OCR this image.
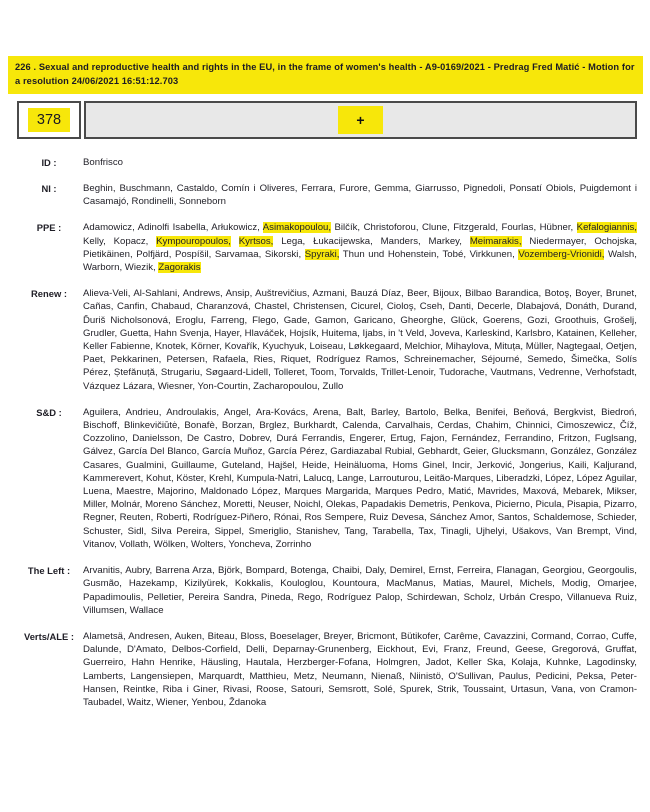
226 . Sexual and reproductive health and rights in the EU, in the frame of women's health - A9-0169/2021 - Predrag Fred Matić - Motion for a resolution 24/06/2021 16:51:12.703
378	+
ID :	Bonfrisco
NI :	Beghin, Buschmann, Castaldo, Comín i Oliveres, Ferrara, Furore, Gemma, Giarrusso, Pignedoli, Ponsatí Obiols, Puigdemont i Casamajó, Rondinelli, Sonneborn
PPE :	Adamowicz, Adinolfi Isabella, Arłukowicz, Asimakopoulou, Bilčík, Christoforou, Clune, Fitzgerald, Fourlas, Hübner, Kefalogiannis, Kelly, Kopacz, Kympouropoulos, Kyrtsos, Lega, Łukacijewska, Manders, Markey, Meimarakis, Niedermayer, Ochojska, Pietikäinen, Polfjärd, Pospíšil, Sarvamaa, Sikorski, Spyraki, Thun und Hohenstein, Tobé, Virkkunen, Vozemberg-Vrionidi, Walsh, Warborn, Wiezik, Zagorakis
Renew :	Alieva-Veli, Al-Sahlani, Andrews, Ansip, Auštrevičius, Azmani, Bauzá Díaz, Beer, Bijoux, Bilbao Barandica, Botoş, Boyer, Brunet, Cañas, Canfin, Chabaud, Charanzová, Chastel, Christensen, Cicurel, Cioloş, Cseh, Danti, Decerle, Dlabajová, Donáth, Durand, Ďuriš Nicholsonová, Eroglu, Farreng, Flego, Gade, Gamon, Garicano, Gheorghe, Glück, Goerens, Gozi, Groothuis, Grošelj, Grudler, Guetta, Hahn Svenja, Hayer, Hlaváček, Hojsík, Huitema, Ijabs, in 't Veld, Joveva, Karleskind, Karlsbro, Katainen, Kelleher, Keller Fabienne, Knotek, Körner, Kovařík, Kyuchyuk, Loiseau, Løkkegaard, Melchior, Mihaylova, Mituța, Müller, Nagtegaal, Oetjen, Paet, Pekkarinen, Petersen, Rafaela, Ries, Riquet, Rodríguez Ramos, Schreinemacher, Séjourné, Semedo, Šimečka, Solís Pérez, Ștefănuță, Strugariu, Søgaard-Lidell, Tolleret, Toom, Torvalds, Trillet-Lenoir, Tudorache, Vautmans, Vedrenne, Verhofstadt, Vázquez Lázara, Wiesner, Yon-Courtin, Zacharopoulou, Zullo
S&D :	Aguilera, Andrieu, Androulakis, Angel, Ara-Kovács, Arena, Balt, Barley, Bartolo, Belka, Benifei, Beňová, Bergkvist, Biedroń, Bischoff, Blinkevičiūtė, Bonafè, Borzan, Brglez, Burkhardt, Calenda, Carvalhais, Cerdas, Chahim, Chinnici, Cimoszewicz, Číž, Cozzolino, Danielsson, De Castro, Dobrev, Durá Ferrandis, Engerer, Ertug, Fajon, Fernández, Ferrandino, Fritzon, Fuglsang, Gálvez, García Del Blanco, García Muñoz, García Pérez, Gardiazabal Rubial, Gebhardt, Geier, Glucksmann, González, González Casares, Gualmini, Guillaume, Guteland, Hajšel, Heide, Heinäluoma, Homs Ginel, Incir, Jerković, Jongerius, Kaili, Kaljurand, Kammerevert, Kohut, Köster, Krehl, Kumpula-Natri, Lalucq, Lange, Larrouturou, Leitão-Marques, Liberadzki, López, López Aguilar, Luena, Maestre, Majorino, Maldonado López, Marques Margarida, Marques Pedro, Matić, Mavrides, Maxová, Mebarek, Mikser, Miller, Molnár, Moreno Sánchez, Moretti, Neuser, Noichl, Olekas, Papadakis Demetris, Penkova, Picierno, Picula, Pisapia, Pizarro, Regner, Reuten, Roberti, Rodríguez-Piñero, Rónai, Ros Sempere, Ruiz Devesa, Sánchez Amor, Santos, Schaldemose, Schieder, Schuster, Sidl, Silva Pereira, Sippel, Smeriglio, Stanishev, Tang, Tarabella, Tax, Tinagli, Ujhelyi, Ušakovs, Van Brempt, Vind, Vitanov, Vollath, Wölken, Wolters, Yoncheva, Zorrinho
The Left :	Arvanitis, Aubry, Barrena Arza, Björk, Bompard, Botenga, Chaibi, Daly, Demirel, Ernst, Ferreira, Flanagan, Georgiou, Georgoulis, Gusmão, Hazekamp, Kizilyürek, Kokkalis, Kouloglou, Kountoura, MacManus, Matias, Maurel, Michels, Modig, Omarjee, Papadimoulis, Pelletier, Pereira Sandra, Pineda, Rego, Rodríguez Palop, Schirdewan, Scholz, Urbán Crespo, Villanueva Ruiz, Villumsen, Wallace
Verts/ALE : Alametsä, Andresen, Auken, Biteau, Bloss, Boeselager, Breyer, Bricmont, Bütikofer, Carême, Cavazzini, Cormand, Corrao, Cuffe, Dalunde, D'Amato, Delbos-Corfield, Delli, Deparnay-Grunenberg, Eickhout, Evi, Franz, Freund, Geese, Gregorová, Gruffat, Guerreiro, Hahn Henrike, Häusling, Hautala, Herzberger-Fofana, Holmgren, Jadot, Keller Ska, Kolaja, Kuhnke, Lagodinsky, Lamberts, Langensiepen, Marquardt, Matthieu, Metz, Neumann, Nienaß, Niinistö, O'Sullivan, Paulus, Pedicini, Peksa, Peter-Hansen, Reintke, Riba i Giner, Rivasi, Roose, Satouri, Semsrott, Solé, Spurek, Strik, Toussaint, Urtasun, Vana, von Cramon-Taubadel, Waitz, Wiener, Yenbou, Ždanoka
